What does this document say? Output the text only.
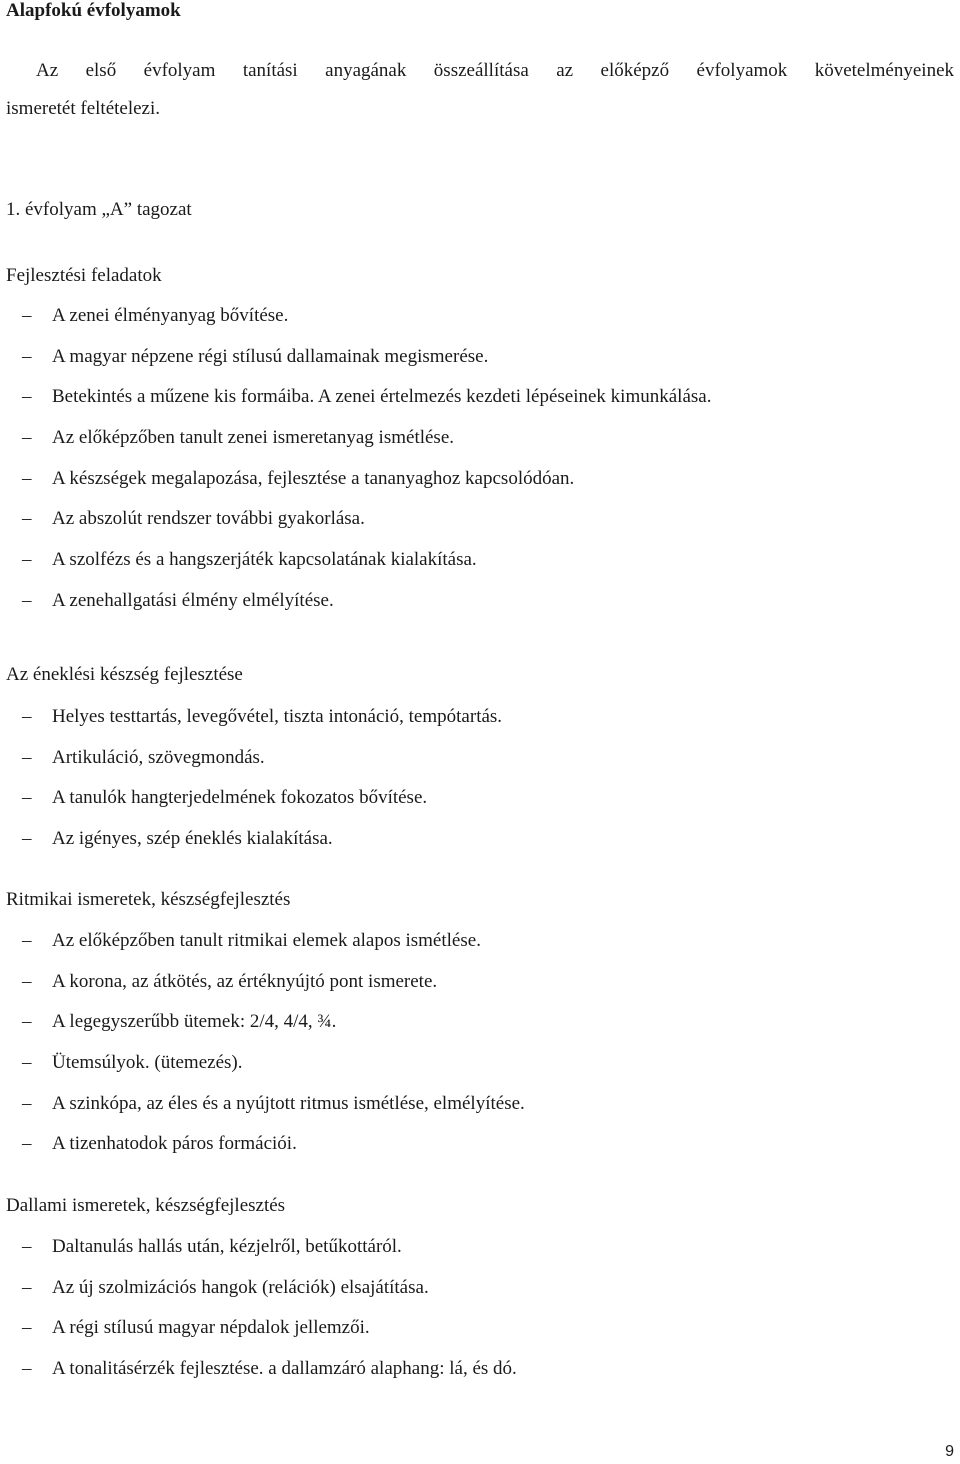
Alapfokú évfolyamok
Az első évfolyam tanítási anyagának összeállítása az előképző évfolyamok követelményeinek
ismeretét feltételezi.
1. évfolyam „A” tagozat
Fejlesztési feladatok
– A zenei élményanyag bővítése.
– A magyar népzene régi stílusú dallamainak megismerése.
– Betekintés a műzene kis formáiba. A zenei értelmezés kezdeti lépéseinek kimunkálása.
– Az előképzőben tanult zenei ismeretanyag ismétlése.
– A készségek megalapozása, fejlesztése a tananyaghoz kapcsolódóan.
– Az abszolút rendszer további gyakorlása.
– A szolfézs és a hangszerjáték kapcsolatának kialakítása.
– A zenehallgatási élmény elmélyítése.
Az éneklési készség fejlesztése
– Helyes testtartás, levegővétel, tiszta intonáció, tempótartás.
– Artikuláció, szövegmondás.
– A tanulók hangterjedelmének fokozatos bővítése.
– Az igényes, szép éneklés kialakítása.
Ritmikai ismeretek, készségfejlesztés
– Az előképzőben tanult ritmikai elemek alapos ismétlése.
– A korona, az átkötés, az értéknyújtó pont ismerete.
– A legegyszerűbb ütemek: 2/4, 4/4, ¾.
– Ütemsúlyok. (ütemezés).
– A szinkópa, az éles és a nyújtott ritmus ismétlése, elmélyítése.
– A tizenhatodok páros formációi.
Dallami ismeretek, készségfejlesztés
– Daltanulás hallás után, kézjelről, betűkottáról.
– Az új szolmizációs hangok (relációk) elsajátítása.
– A régi stílusú magyar népdalok jellemzői.
– A tonalitásérzék fejlesztése. a dallamzáró alaphang: lá, és dó.
9
